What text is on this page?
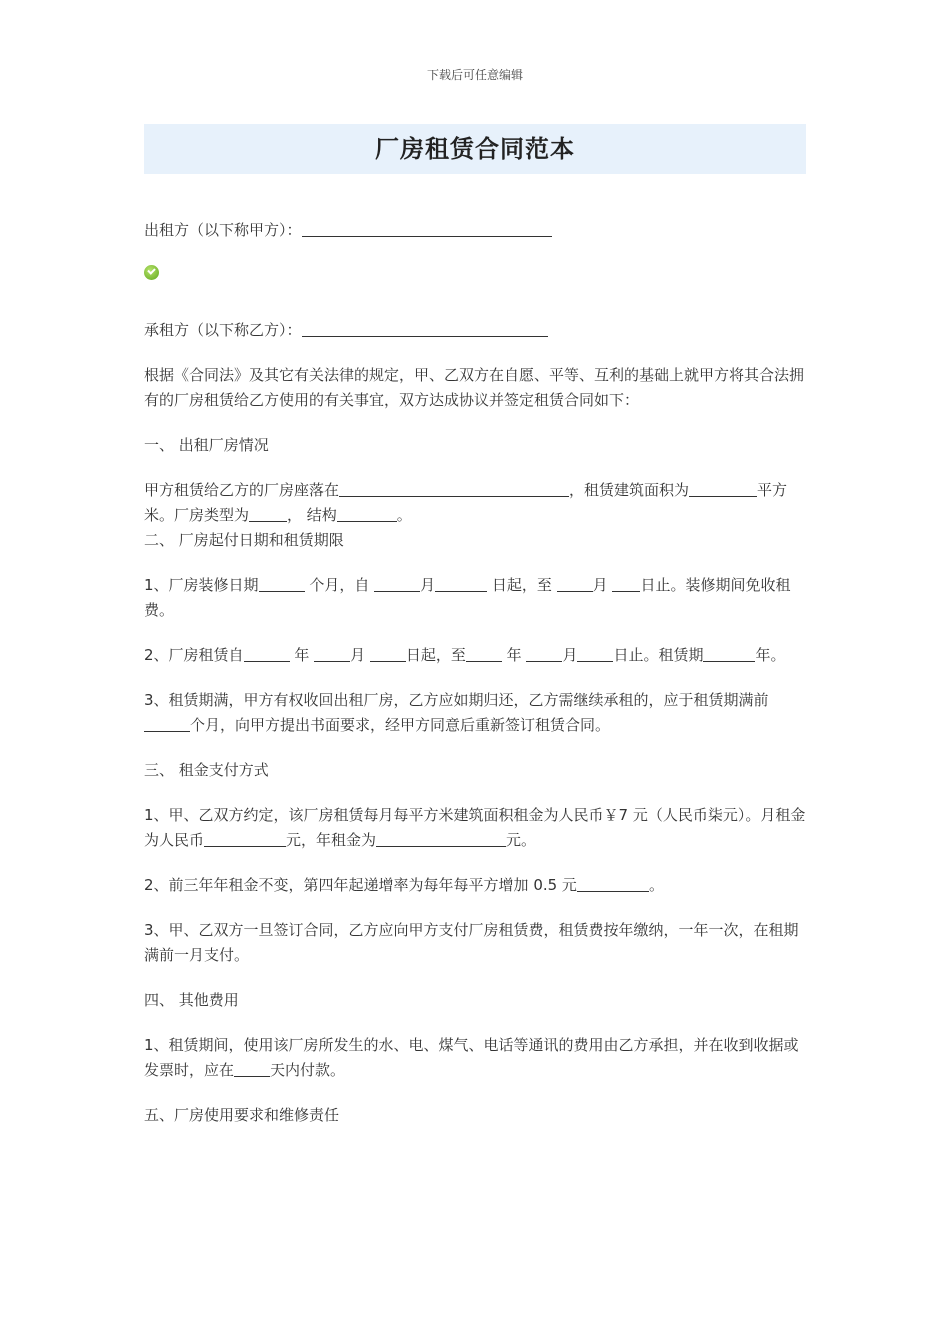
下载后可任意编辑
厂房租赁合同范本

出租方（以下称甲方）：

承租方（以下称乙方）：

根据《合同法》及其它有关法律的规定，甲、乙双方在自愿、平等、互利的基础上就甲方将其合法拥有的厂房租赁给乙方使用的有关事宜，双方达成协议并签定租赁合同如下：

一、 出租厂房情况

甲方租赁给乙方的厂房座落在	，租赁建筑面积为	平方米。厂房类型为	， 结构	。

二、 厂房起付日期和租赁期限

1、厂房装修日期	个月，自	月	日起，至 月 日止。装修期间免收租费。

2、厂房租赁自	年 月 日起，至 年 月 日止。租赁期	年。

3、租赁期满，甲方有权收回出租厂房，乙方应如期归还，乙方需继续承租的，应于租赁期满前个月，向甲方提出书面要求，经甲方同意后重新签订租赁合同。

三、 租金支付方式

1、甲、乙双方约定，该厂房租赁每月每平方米建筑面积租金为人民币￥7 元（人民币柒元）。月租金为人民币	元，年租金为	元。

2、前三年年租金不变，第四年起递增率为每年每平方增加 0.5 元	。

3、甲、乙双方一旦签订合同，乙方应向甲方支付厂房租赁费，租赁费按年缴纳，一年一次，在租期满前一月支付。

四、 其他费用

1、租赁期间，使用该厂房所发生的水、电、煤气、电话等通讯的费用由乙方承担，并在收到收据或发票时，应在 天内付款。

五、厂房使用要求和维修责任
